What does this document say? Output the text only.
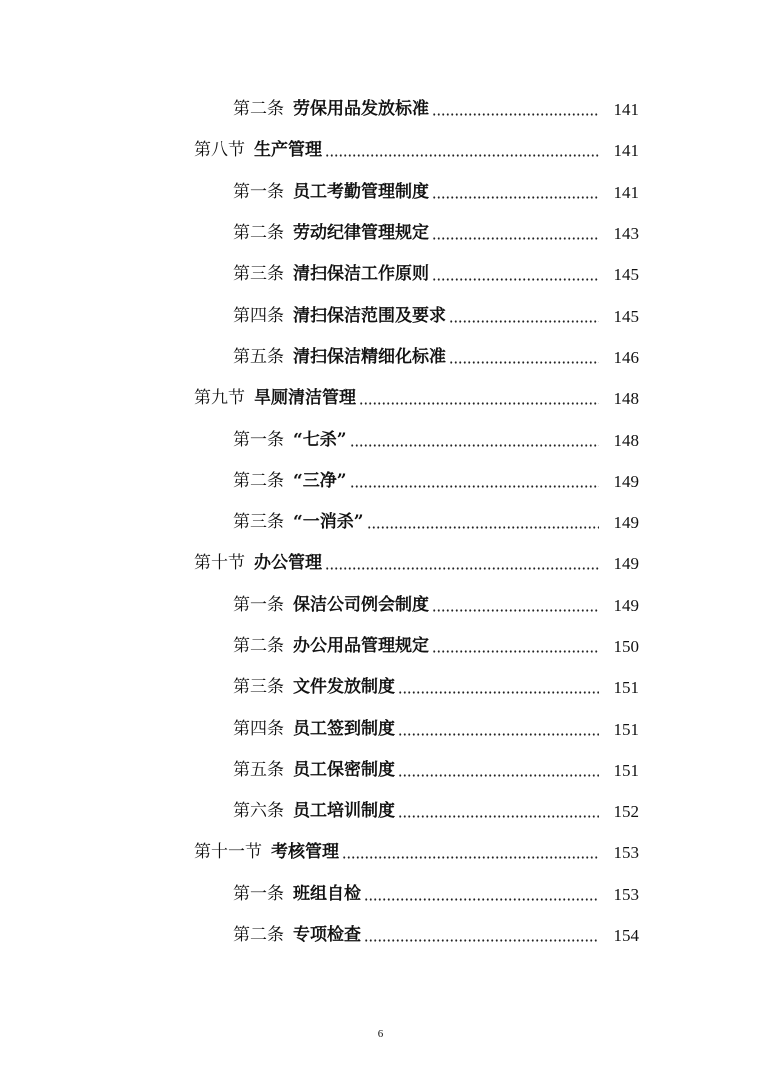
第二条 劳保用品发放标准	141
第八节 生产管理	141
第一条 员工考勤管理制度	141
第二条 劳动纪律管理规定	143
第三条 清扫保洁工作原则	145
第四条 清扫保洁范围及要求	145
第五条 清扫保洁精细化标准	146
第九节 旱厕清洁管理	148
第一条 “七杀”	148
第二条 “三净”	149
第三条 “一消杀”	149
第十节 办公管理	149
第一条 保洁公司例会制度	149
第二条 办公用品管理规定	150
第三条 文件发放制度	151
第四条 员工签到制度	151
第五条 员工保密制度	151
第六条 员工培训制度	152
第十一节 考核管理	153
第一条 班组自检	153
第二条 专项检查	154
6
